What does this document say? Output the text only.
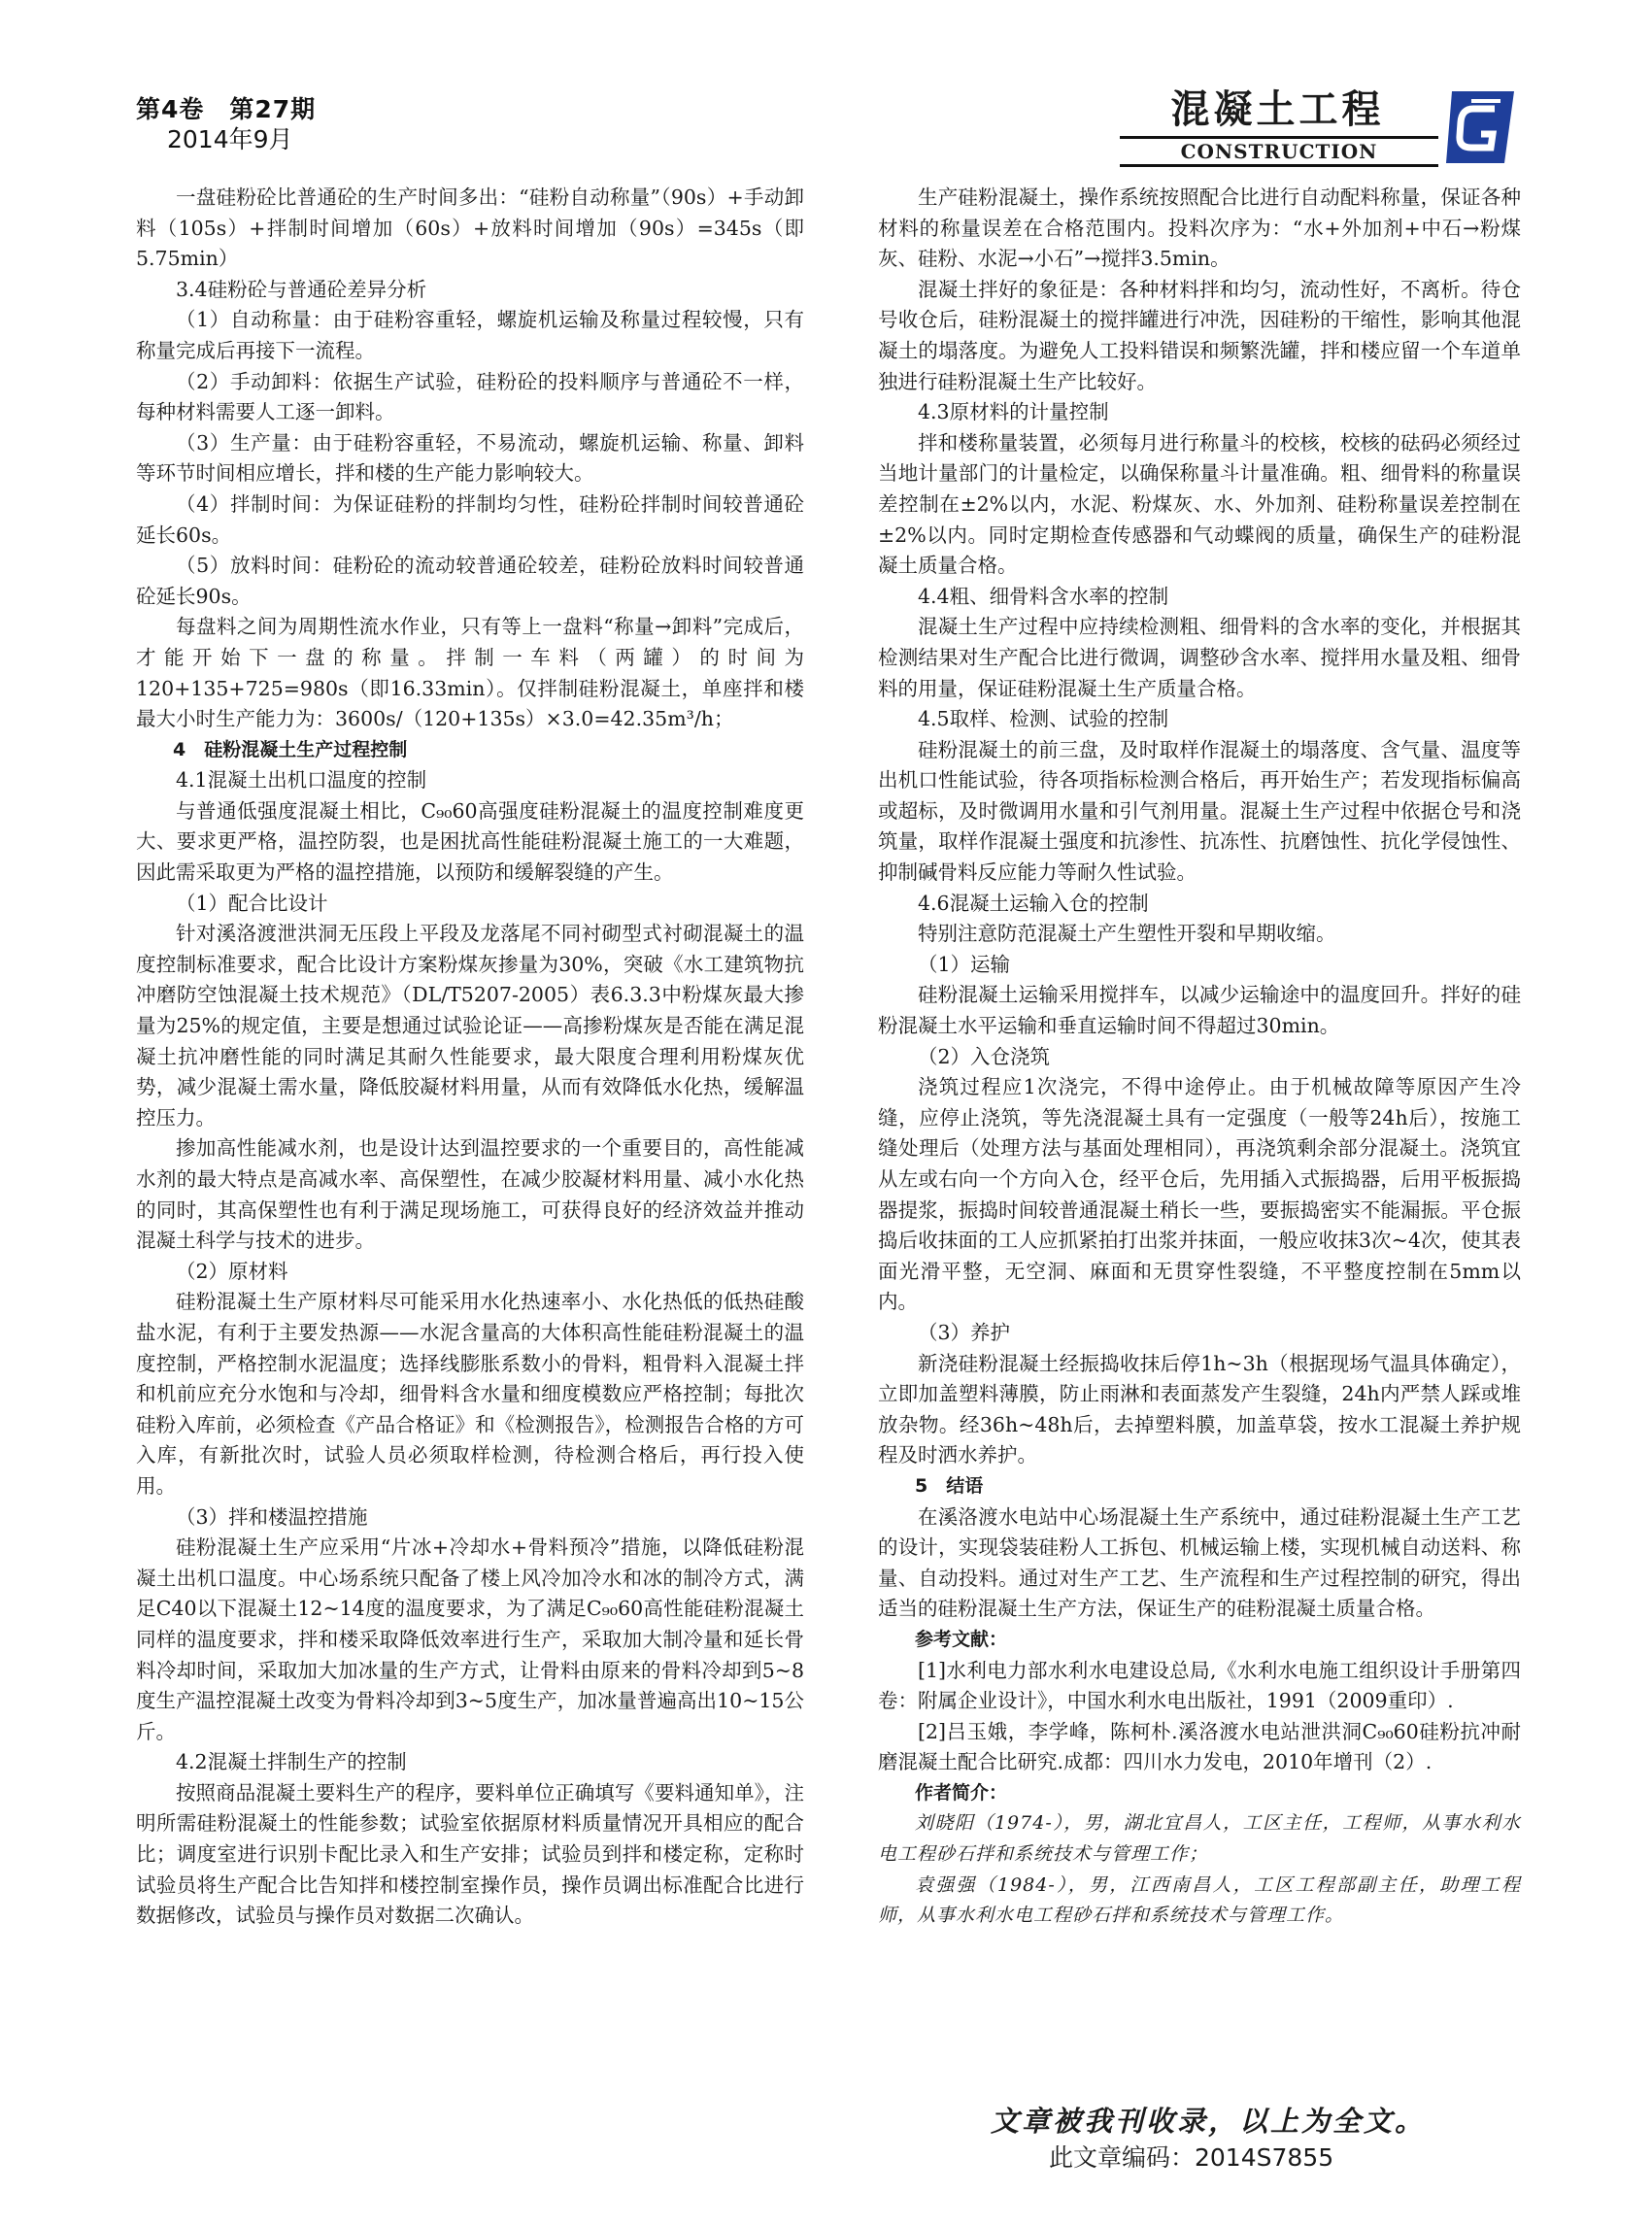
第4卷　第27期
2014年9月
混凝土工程
CONSTRUCTION

一盘硅粉砼比普通砼的生产时间多出：“硅粉自动称量”（90s）+手动卸料（105s）+拌制时间增加（60s）+放料时间增加（90s）=345s（即5.75min）

3.4硅粉砼与普通砼差异分析

（1）自动称量：由于硅粉容重轻，螺旋机运输及称量过程较慢，只有称量完成后再接下一流程。

（2）手动卸料：依据生产试验，硅粉砼的投料顺序与普通砼不一样，每种材料需要人工逐一卸料。

（3）生产量：由于硅粉容重轻，不易流动，螺旋机运输、称量、卸料等环节时间相应增长，拌和楼的生产能力影响较大。

（4）拌制时间：为保证硅粉的拌制均匀性，硅粉砼拌制时间较普通砼延长60s。

（5）放料时间：硅粉砼的流动较普通砼较差，硅粉砼放料时间较普通砼延长90s。

每盘料之间为周期性流水作业，只有等上一盘料“称量→卸料”完成后，才能开始下一盘的称量。拌制一车料（两罐）的时间为120+135+725=980s（即16.33min）。仅拌制硅粉混凝土，单座拌和楼最大小时生产能力为：3600s/（120+135s）×3.0=42.35m³/h；

4　硅粉混凝土生产过程控制

4.1混凝土出机口温度的控制

与普通低强度混凝土相比，C₉₀60高强度硅粉混凝土的温度控制难度更大、要求更严格，温控防裂，也是困扰高性能硅粉混凝土施工的一大难题，因此需采取更为严格的温控措施，以预防和缓解裂缝的产生。

（1）配合比设计

针对溪洛渡泄洪洞无压段上平段及龙落尾不同衬砌型式衬砌混凝土的温度控制标准要求，配合比设计方案粉煤灰掺量为30%，突破《水工建筑物抗冲磨防空蚀混凝土技术规范》（DL/T5207-2005）表6.3.3中粉煤灰最大掺量为25%的规定值，主要是想通过试验论证——高掺粉煤灰是否能在满足混凝土抗冲磨性能的同时满足其耐久性能要求，最大限度合理利用粉煤灰优势，减少混凝土需水量，降低胶凝材料用量，从而有效降低水化热，缓解温控压力。

掺加高性能减水剂，也是设计达到温控要求的一个重要目的，高性能减水剂的最大特点是高减水率、高保塑性，在减少胶凝材料用量、减小水化热的同时，其高保塑性也有利于满足现场施工，可获得良好的经济效益并推动混凝土科学与技术的进步。

（2）原材料

硅粉混凝土生产原材料尽可能采用水化热速率小、水化热低的低热硅酸盐水泥，有利于主要发热源——水泥含量高的大体积高性能硅粉混凝土的温度控制，严格控制水泥温度；选择线膨胀系数小的骨料，粗骨料入混凝土拌和机前应充分水饱和与冷却，细骨料含水量和细度模数应严格控制；每批次硅粉入库前，必须检查《产品合格证》和《检测报告》，检测报告合格的方可入库，有新批次时，试验人员必须取样检测，待检测合格后，再行投入使用。

（3）拌和楼温控措施

硅粉混凝土生产应采用“片冰+冷却水+骨料预冷”措施，以降低硅粉混凝土出机口温度。中心场系统只配备了楼上风冷加冷水和冰的制冷方式，满足C40以下混凝土12~14度的温度要求，为了满足C₉₀60高性能硅粉混凝土同样的温度要求，拌和楼采取降低效率进行生产，采取加大制冷量和延长骨料冷却时间，采取加大加冰量的生产方式，让骨料由原来的骨料冷却到5~8度生产温控混凝土改变为骨料冷却到3~5度生产，加冰量普遍高出10~15公斤。

4.2混凝土拌制生产的控制

按照商品混凝土要料生产的程序，要料单位正确填写《要料通知单》，注明所需硅粉混凝土的性能参数；试验室依据原材料质量情况开具相应的配合比；调度室进行识别卡配比录入和生产安排；试验员到拌和楼定称，定称时试验员将生产配合比告知拌和楼控制室操作员，操作员调出标准配合比进行数据修改，试验员与操作员对数据二次确认。

生产硅粉混凝土，操作系统按照配合比进行自动配料称量，保证各种材料的称量误差在合格范围内。投料次序为：“水+外加剂+中石→粉煤灰、硅粉、水泥→小石”→搅拌3.5min。

混凝土拌好的象征是：各种材料拌和均匀，流动性好，不离析。待仓号收仓后，硅粉混凝土的搅拌罐进行冲洗，因硅粉的干缩性，影响其他混凝土的塌落度。为避免人工投料错误和频繁洗罐，拌和楼应留一个车道单独进行硅粉混凝土生产比较好。

4.3原材料的计量控制

拌和楼称量装置，必须每月进行称量斗的校核，校核的砝码必须经过当地计量部门的计量检定，以确保称量斗计量准确。粗、细骨料的称量误差控制在±2%以内，水泥、粉煤灰、水、外加剂、硅粉称量误差控制在±2%以内。同时定期检查传感器和气动蝶阀的质量，确保生产的硅粉混凝土质量合格。

4.4粗、细骨料含水率的控制

混凝土生产过程中应持续检测粗、细骨料的含水率的变化，并根据其检测结果对生产配合比进行微调，调整砂含水率、搅拌用水量及粗、细骨料的用量，保证硅粉混凝土生产质量合格。

4.5取样、检测、试验的控制

硅粉混凝土的前三盘，及时取样作混凝土的塌落度、含气量、温度等出机口性能试验，待各项指标检测合格后，再开始生产；若发现指标偏高或超标，及时微调用水量和引气剂用量。混凝土生产过程中依据仓号和浇筑量，取样作混凝土强度和抗渗性、抗冻性、抗磨蚀性、抗化学侵蚀性、抑制碱骨料反应能力等耐久性试验。

4.6混凝土运输入仓的控制

特别注意防范混凝土产生塑性开裂和早期收缩。

（1）运输

硅粉混凝土运输采用搅拌车，以减少运输途中的温度回升。拌好的硅粉混凝土水平运输和垂直运输时间不得超过30min。

（2）入仓浇筑

浇筑过程应1次浇完，不得中途停止。由于机械故障等原因产生冷缝，应停止浇筑，等先浇混凝土具有一定强度（一般等24h后），按施工缝处理后（处理方法与基面处理相同），再浇筑剩余部分混凝土。浇筑宜从左或右向一个方向入仓，经平仓后，先用插入式振捣器，后用平板振捣器提浆，振捣时间较普通混凝土稍长一些，要振捣密实不能漏振。平仓振捣后收抹面的工人应抓紧拍打出浆并抹面，一般应收抹3次~4次，使其表面光滑平整，无空洞、麻面和无贯穿性裂缝，不平整度控制在5mm以内。

（3）养护

新浇硅粉混凝土经振捣收抹后停1h~3h（根据现场气温具体确定），立即加盖塑料薄膜，防止雨淋和表面蒸发产生裂缝，24h内严禁人踩或堆放杂物。经36h~48h后，去掉塑料膜，加盖草袋，按水工混凝土养护规程及时洒水养护。

5　结语

在溪洛渡水电站中心场混凝土生产系统中，通过硅粉混凝土生产工艺的设计，实现袋装硅粉人工拆包、机械运输上楼，实现机械自动送料、称量、自动投料。通过对生产工艺、生产流程和生产过程控制的研究，得出适当的硅粉混凝土生产方法，保证生产的硅粉混凝土质量合格。

参考文献：

[1]水利电力部水利水电建设总局,《水利水电施工组织设计手册第四卷：附属企业设计》，中国水利水电出版社，1991（2009重印）.

[2]吕玉娥，李学峰，陈柯朴.溪洛渡水电站泄洪洞C₉₀60硅粉抗冲耐磨混凝土配合比研究.成都：四川水力发电，2010年增刊（2）.

作者简介：

刘晓阳（1974-），男，湖北宜昌人，工区主任，工程师，从事水利水电工程砂石拌和系统技术与管理工作；

袁强强（1984-），男，江西南昌人，工区工程部副主任，助理工程师，从事水利水电工程砂石拌和系统技术与管理工作。

文章被我刊收录，以上为全文。
此文章编码：2014S7855
